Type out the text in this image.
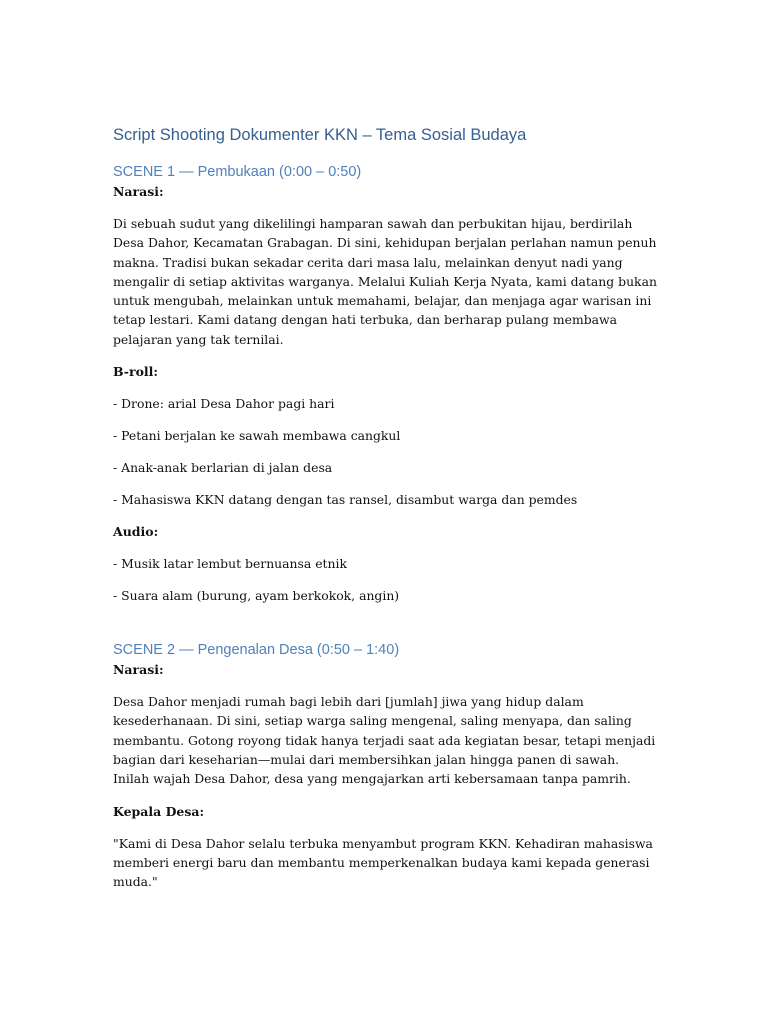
Script Shooting Dokumenter KKN – Tema Sosial Budaya
SCENE 1 — Pembukaan (0:00 – 0:50)

Narasi:

Di sebuah sudut yang dikelilingi hamparan sawah dan perbukitan hijau, berdirilah Desa Dahor, Kecamatan Grabagan. Di sini, kehidupan berjalan perlahan namun penuh makna. Tradisi bukan sekadar cerita dari masa lalu, melainkan denyut nadi yang mengalir di setiap aktivitas warganya. Melalui Kuliah Kerja Nyata, kami datang bukan untuk mengubah, melainkan untuk memahami, belajar, dan menjaga agar warisan ini tetap lestari. Kami datang dengan hati terbuka, dan berharap pulang membawa pelajaran yang tak ternilai.

B-roll:

- Drone: arial Desa Dahor pagi hari

- Petani berjalan ke sawah membawa cangkul

- Anak-anak berlarian di jalan desa

- Mahasiswa KKN datang dengan tas ransel, disambut warga dan pemdes

Audio:

- Musik latar lembut bernuansa etnik

- Suara alam (burung, ayam berkokok, angin)

SCENE 2 — Pengenalan Desa (0:50 – 1:40)

Narasi:

Desa Dahor menjadi rumah bagi lebih dari [jumlah] jiwa yang hidup dalam kesederhanaan. Di sini, setiap warga saling mengenal, saling menyapa, dan saling membantu. Gotong royong tidak hanya terjadi saat ada kegiatan besar, tetapi menjadi bagian dari keseharian—mulai dari membersihkan jalan hingga panen di sawah. Inilah wajah Desa Dahor, desa yang mengajarkan arti kebersamaan tanpa pamrih.

Kepala Desa:

"Kami di Desa Dahor selalu terbuka menyambut program KKN. Kehadiran mahasiswa memberi energi baru dan membantu memperkenalkan budaya kami kepada generasi muda."
